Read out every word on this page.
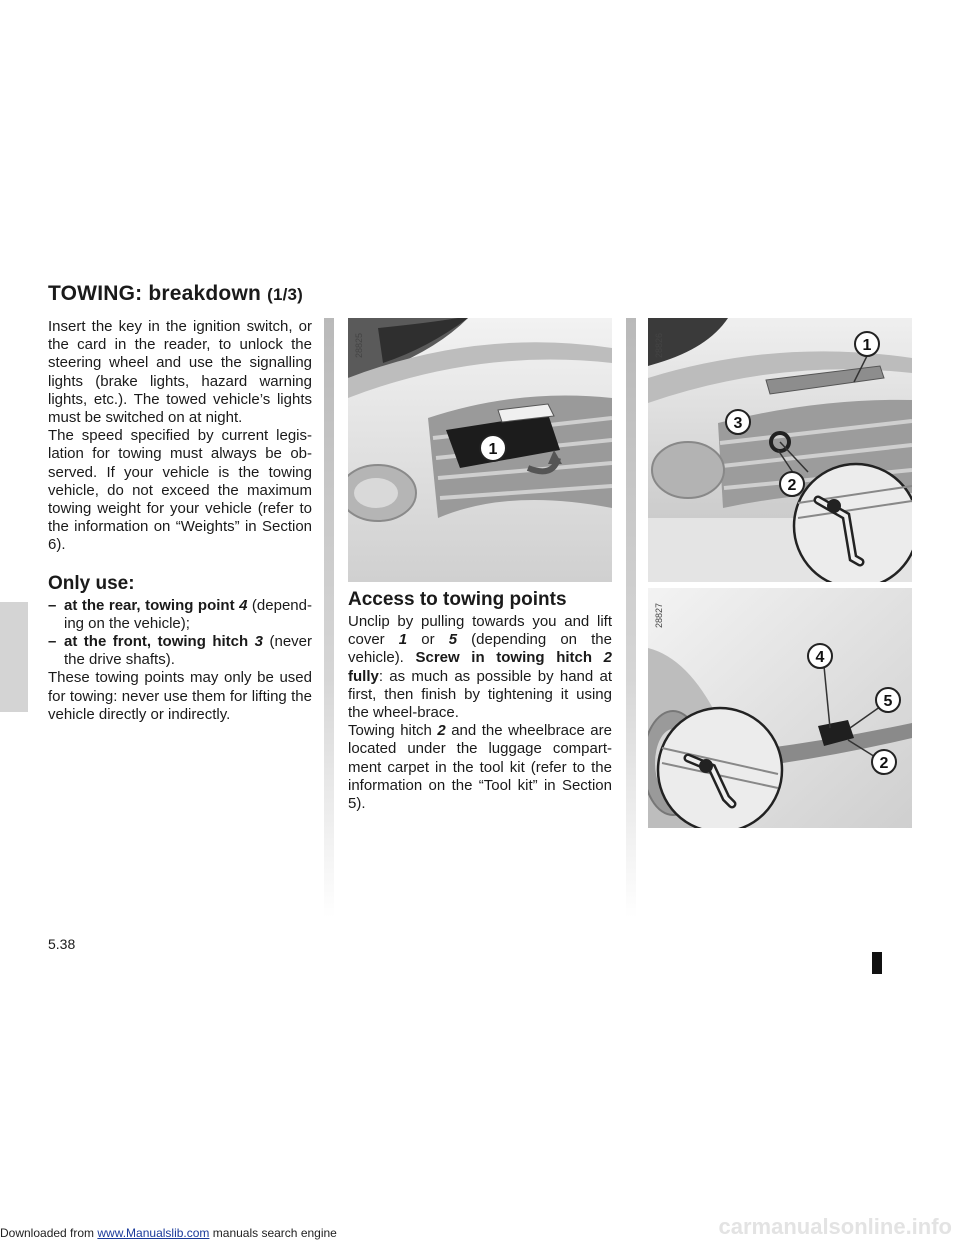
TOWING: breakdown (1/3)

Insert the key in the ignition switch, or the card in the reader, to unlock the steering wheel and use the signalling lights (brake lights, hazard warning lights, etc.). The towed vehicle’s lights must be switched on at night.

The speed specified by current legis-lation for towing must always be ob-served. If your vehicle is the towing vehicle, do not exceed the maximum towing weight for your vehicle (refer to the information on “Weights” in Section 6).

Only use:
– at the rear, towing point 4 (depend-ing on the vehicle);
– at the front, towing hitch 3 (never the drive shafts).

These towing points may only be used for towing: never use them for lifting the vehicle directly or indirectly.

1
28825
Access to towing points

Unclip by pulling towards you and lift cover 1 or 5 (depending on the vehicle). Screw in towing hitch 2 fully: as much as possible by hand at first, then finish by tightening it using the wheel-brace.

Towing hitch 2 and the wheelbrace are located under the luggage compart-ment carpet in the tool kit (refer to the information on the “Tool kit” in Section 5).

1
3
2
28826
4
5
2
28827
5.38
Downloaded from www.Manualslib.com manuals search engine	carmanualsonline.info
